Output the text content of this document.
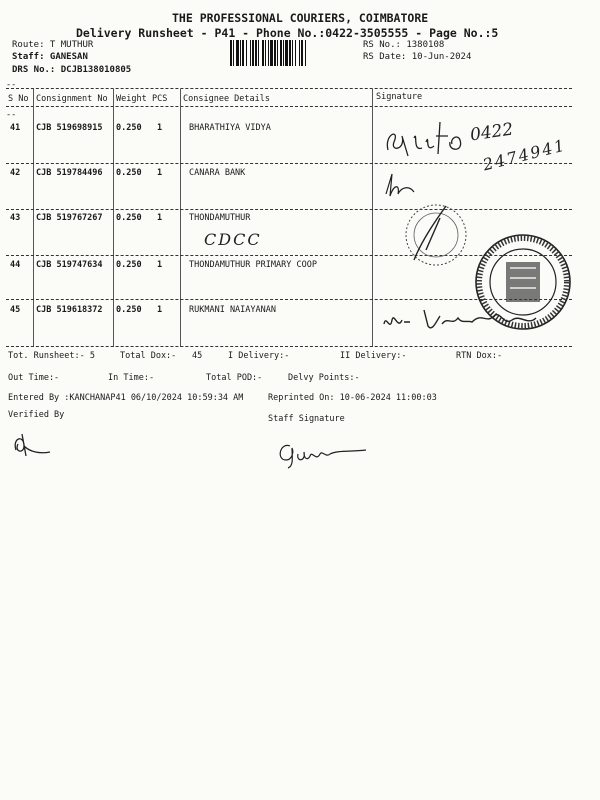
THE PROFESSIONAL COURIERS, COIMBATORE
Delivery Runsheet - P41 - Phone No.:0422-3505555 - Page No.:5
Route: T MUTHUR
Staff: GANESAN
DRS No.: DCJB138010805
RS No.: 1380108
RS Date: 10-Jun-2024
--
S No Consignment No Weight PCS Consignee Details	Signature
--
41 CJB 519698915 0.250 1	BHARATHIYA VIDYA
42 CJB 519784496 0.250 1	CANARA BANK
43 CJB 519767267 0.250 1	THONDAMUTHUR
CDCC
44 CJB 519747634 0.250 1	THONDAMUTHUR PRIMARY COOP
45 CJB 519618372 0.250 1	RUKMANI NAIAYANAN
0422
2474941
Tot. Runsheet:- 5	Total Dox:- 45	I Delivery:-	II Delivery:-	RTN Dox:-
Out Time:-	In Time:-	Total POD:-	Delvy Points:-
Entered By :KANCHANAP41 06/10/2024 10:59:34 AM	Reprinted On: 10-06-2024 11:00:03
Verified By	Staff Signature
